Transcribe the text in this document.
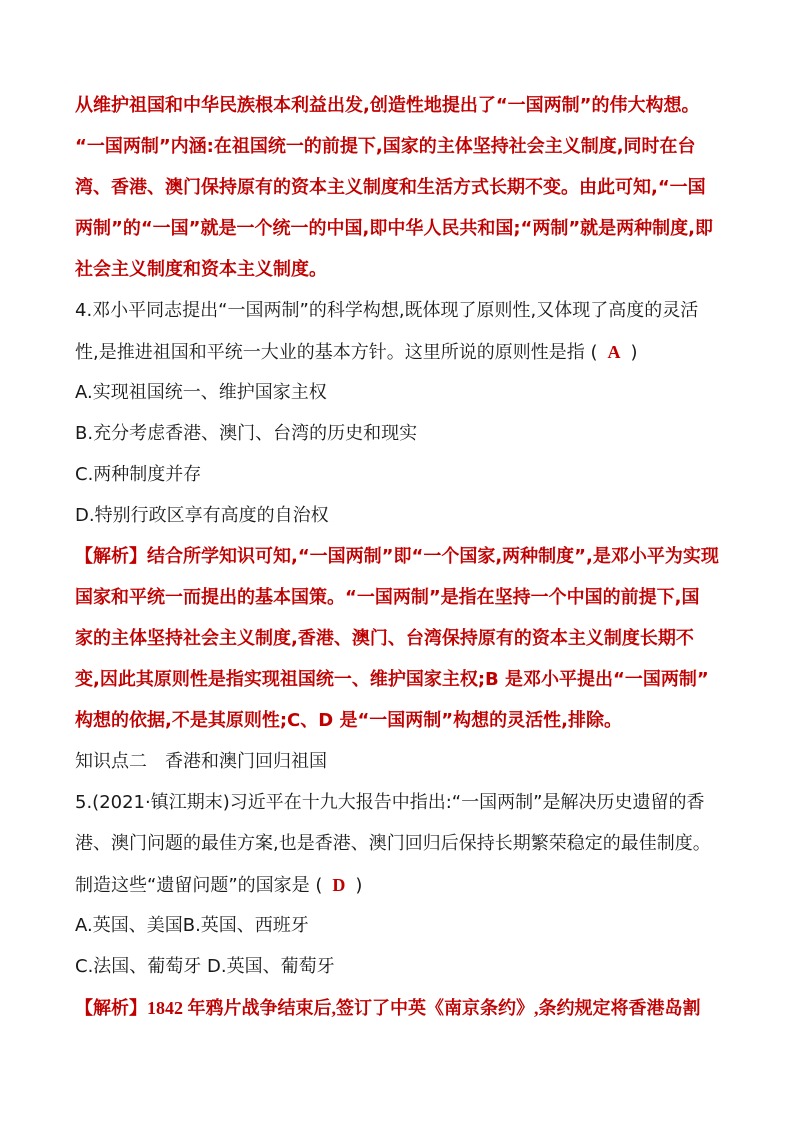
从维护祖国和中华民族根本利益出发,创造性地提出了“一国两制”的伟大构想。
“一国两制”内涵:在祖国统一的前提下,国家的主体坚持社会主义制度,同时在台
湾、香港、澳门保持原有的资本主义制度和生活方式长期不变。由此可知,“一国
两制”的“一国”就是一个统一的中国,即中华人民共和国;“两制”就是两种制度,即
社会主义制度和资本主义制度。
4.邓小平同志提出“一国两制”的科学构想,既体现了原则性,又体现了高度的灵活
性,是推进祖国和平统一大业的基本方针。这里所说的原则性是指 ( A )
A.实现祖国统一、维护国家主权
B.充分考虑香港、澳门、台湾的历史和现实
C.两种制度并存
D.特别行政区享有高度的自治权
【解析】结合所学知识可知,“一国两制”即“一个国家,两种制度”,是邓小平为实现
国家和平统一而提出的基本国策。“一国两制”是指在坚持一个中国的前提下,国
家的主体坚持社会主义制度,香港、澳门、台湾保持原有的资本主义制度长期不
变,因此其原则性是指实现祖国统一、维护国家主权;B 是邓小平提出“一国两制”
构想的依据,不是其原则性;C、D 是“一国两制”构想的灵活性,排除。
知识点二　香港和澳门回归祖国
5.(2021·镇江期末)习近平在十九大报告中指出:“一国两制”是解决历史遗留的香
港、澳门问题的最佳方案,也是香港、澳门回归后保持长期繁荣稳定的最佳制度。
制造这些“遗留问题”的国家是 ( D )
A.英国、美国B.英国、西班牙
C.法国、葡萄牙 D.英国、葡萄牙
【解析】1842 年鸦片战争结束后,签订了中英《南京条约》,条约规定将香港岛割
